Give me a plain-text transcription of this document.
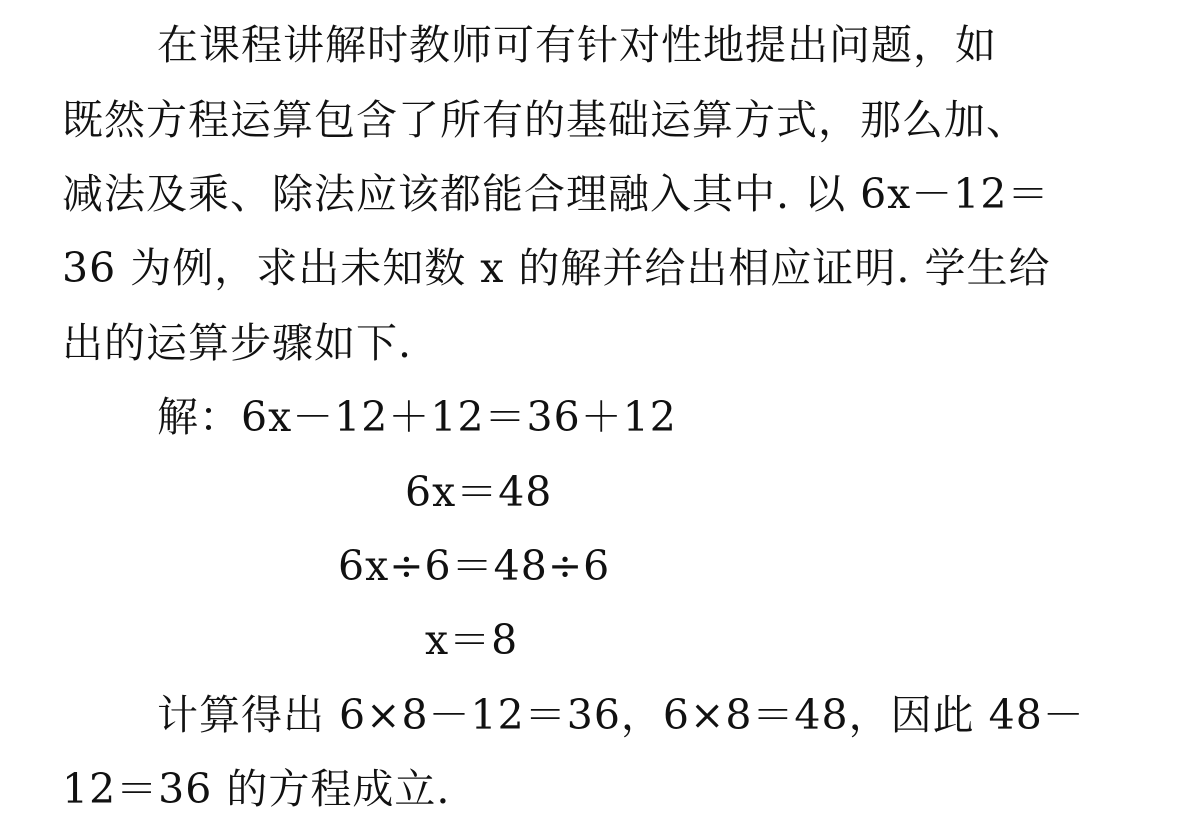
在课程讲解时教师可有针对性地提出问题，如
既然方程运算包含了所有的基础运算方式，那么加、
减法及乘、除法应该都能合理融入其中. 以 6x－12＝
36 为例，求出未知数 x 的解并给出相应证明. 学生给
出的运算步骤如下.
解：6x－12＋12＝36＋12
6x＝48
6x÷6＝48÷6
x＝8
计算得出 6×8－12＝36，6×8＝48，因此 48－
12＝36 的方程成立.
